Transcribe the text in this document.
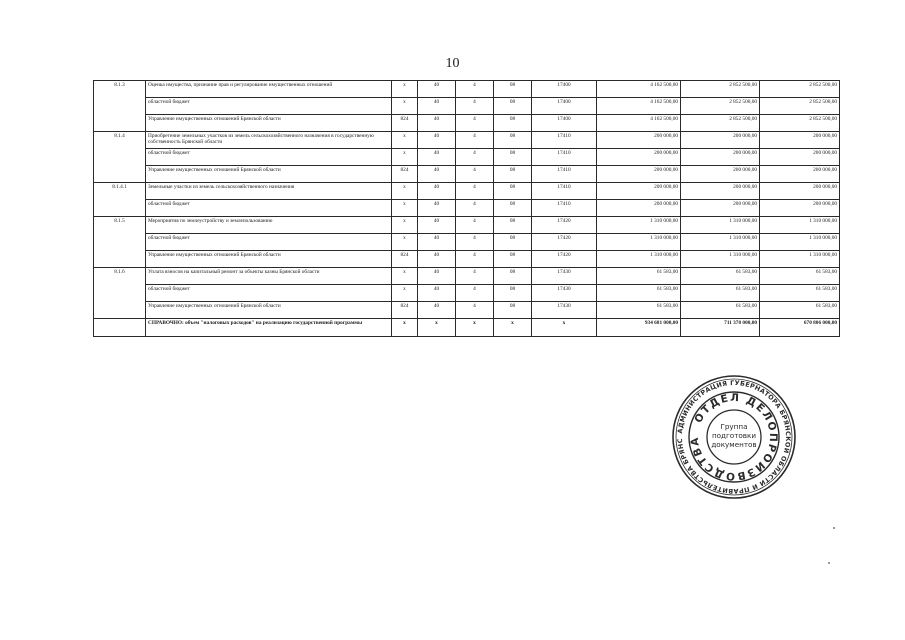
10
8.1.3	Оценка имущества, признание прав и регулирование имущественных отношений	х	40	4	08	17400	4 162 500,00	2 852 500,00	2 852 500,00
	областной бюджет	х	40	4	08	17400	4 162 500,00	2 852 500,00	2 852 500,00
	Управление имущественных отношений Брянской области	824	40	4	08	17400	4 162 500,00	2 852 500,00	2 852 500,00
8.1.4	Приобретение земельных участков из земель сельскохозяйственного назначения в государственную собственность Брянской области	х	40	4	08	17410	200 000,00	200 000,00	200 000,00
	областной бюджет	х	40	4	08	17410	200 000,00	200 000,00	200 000,00
	Управление имущественных отношений Брянской области	824	40	4	08	17410	200 000,00	200 000,00	200 000,00
8.1.4.1	Земельные участки из земель сельскохозяйственного назначения	х	40	4	08	17410	200 000,00	200 000,00	200 000,00
	областной бюджет	х	40	4	08	17410	200 000,00	200 000,00	200 000,00
8.1.5	Мероприятия по землеустройству и землепользованию	х	40	4	08	17420	1 310 000,00	1 310 000,00	1 310 000,00
	областной бюджет	х	40	4	08	17420	1 310 000,00	1 310 000,00	1 310 000,00
	Управление имущественных отношений Брянской области	824	40	4	08	17420	1 310 000,00	1 310 000,00	1 310 000,00
8.1.6	Уплата взносов на капитальный ремонт за объекты казны Брянской области	х	40	4	08	17430	61 583,00	61 583,00	61 583,00
	областной бюджет	х	40	4	08	17430	61 583,00	61 583,00	61 583,00
	Управление имущественных отношений Брянской области	824	40	4	08	17430	61 583,00	61 583,00	61 583,00
	СПРАВОЧНО: объем "налоговых расходов" на реализацию государственной программы	х	х	х	х	х	934 681 000,00	711 370 000,00	670 806 000,00
АДМИНИСТРАЦИЯ ГУБЕРНАТОРА БРЯНСКОЙ ОБЛАСТИ И ПРАВИТЕЛЬСТВА БРЯНС
ОТДЕЛ ДЕЛОПРОИЗВОДСТВА
Группа
подготовки
документов
